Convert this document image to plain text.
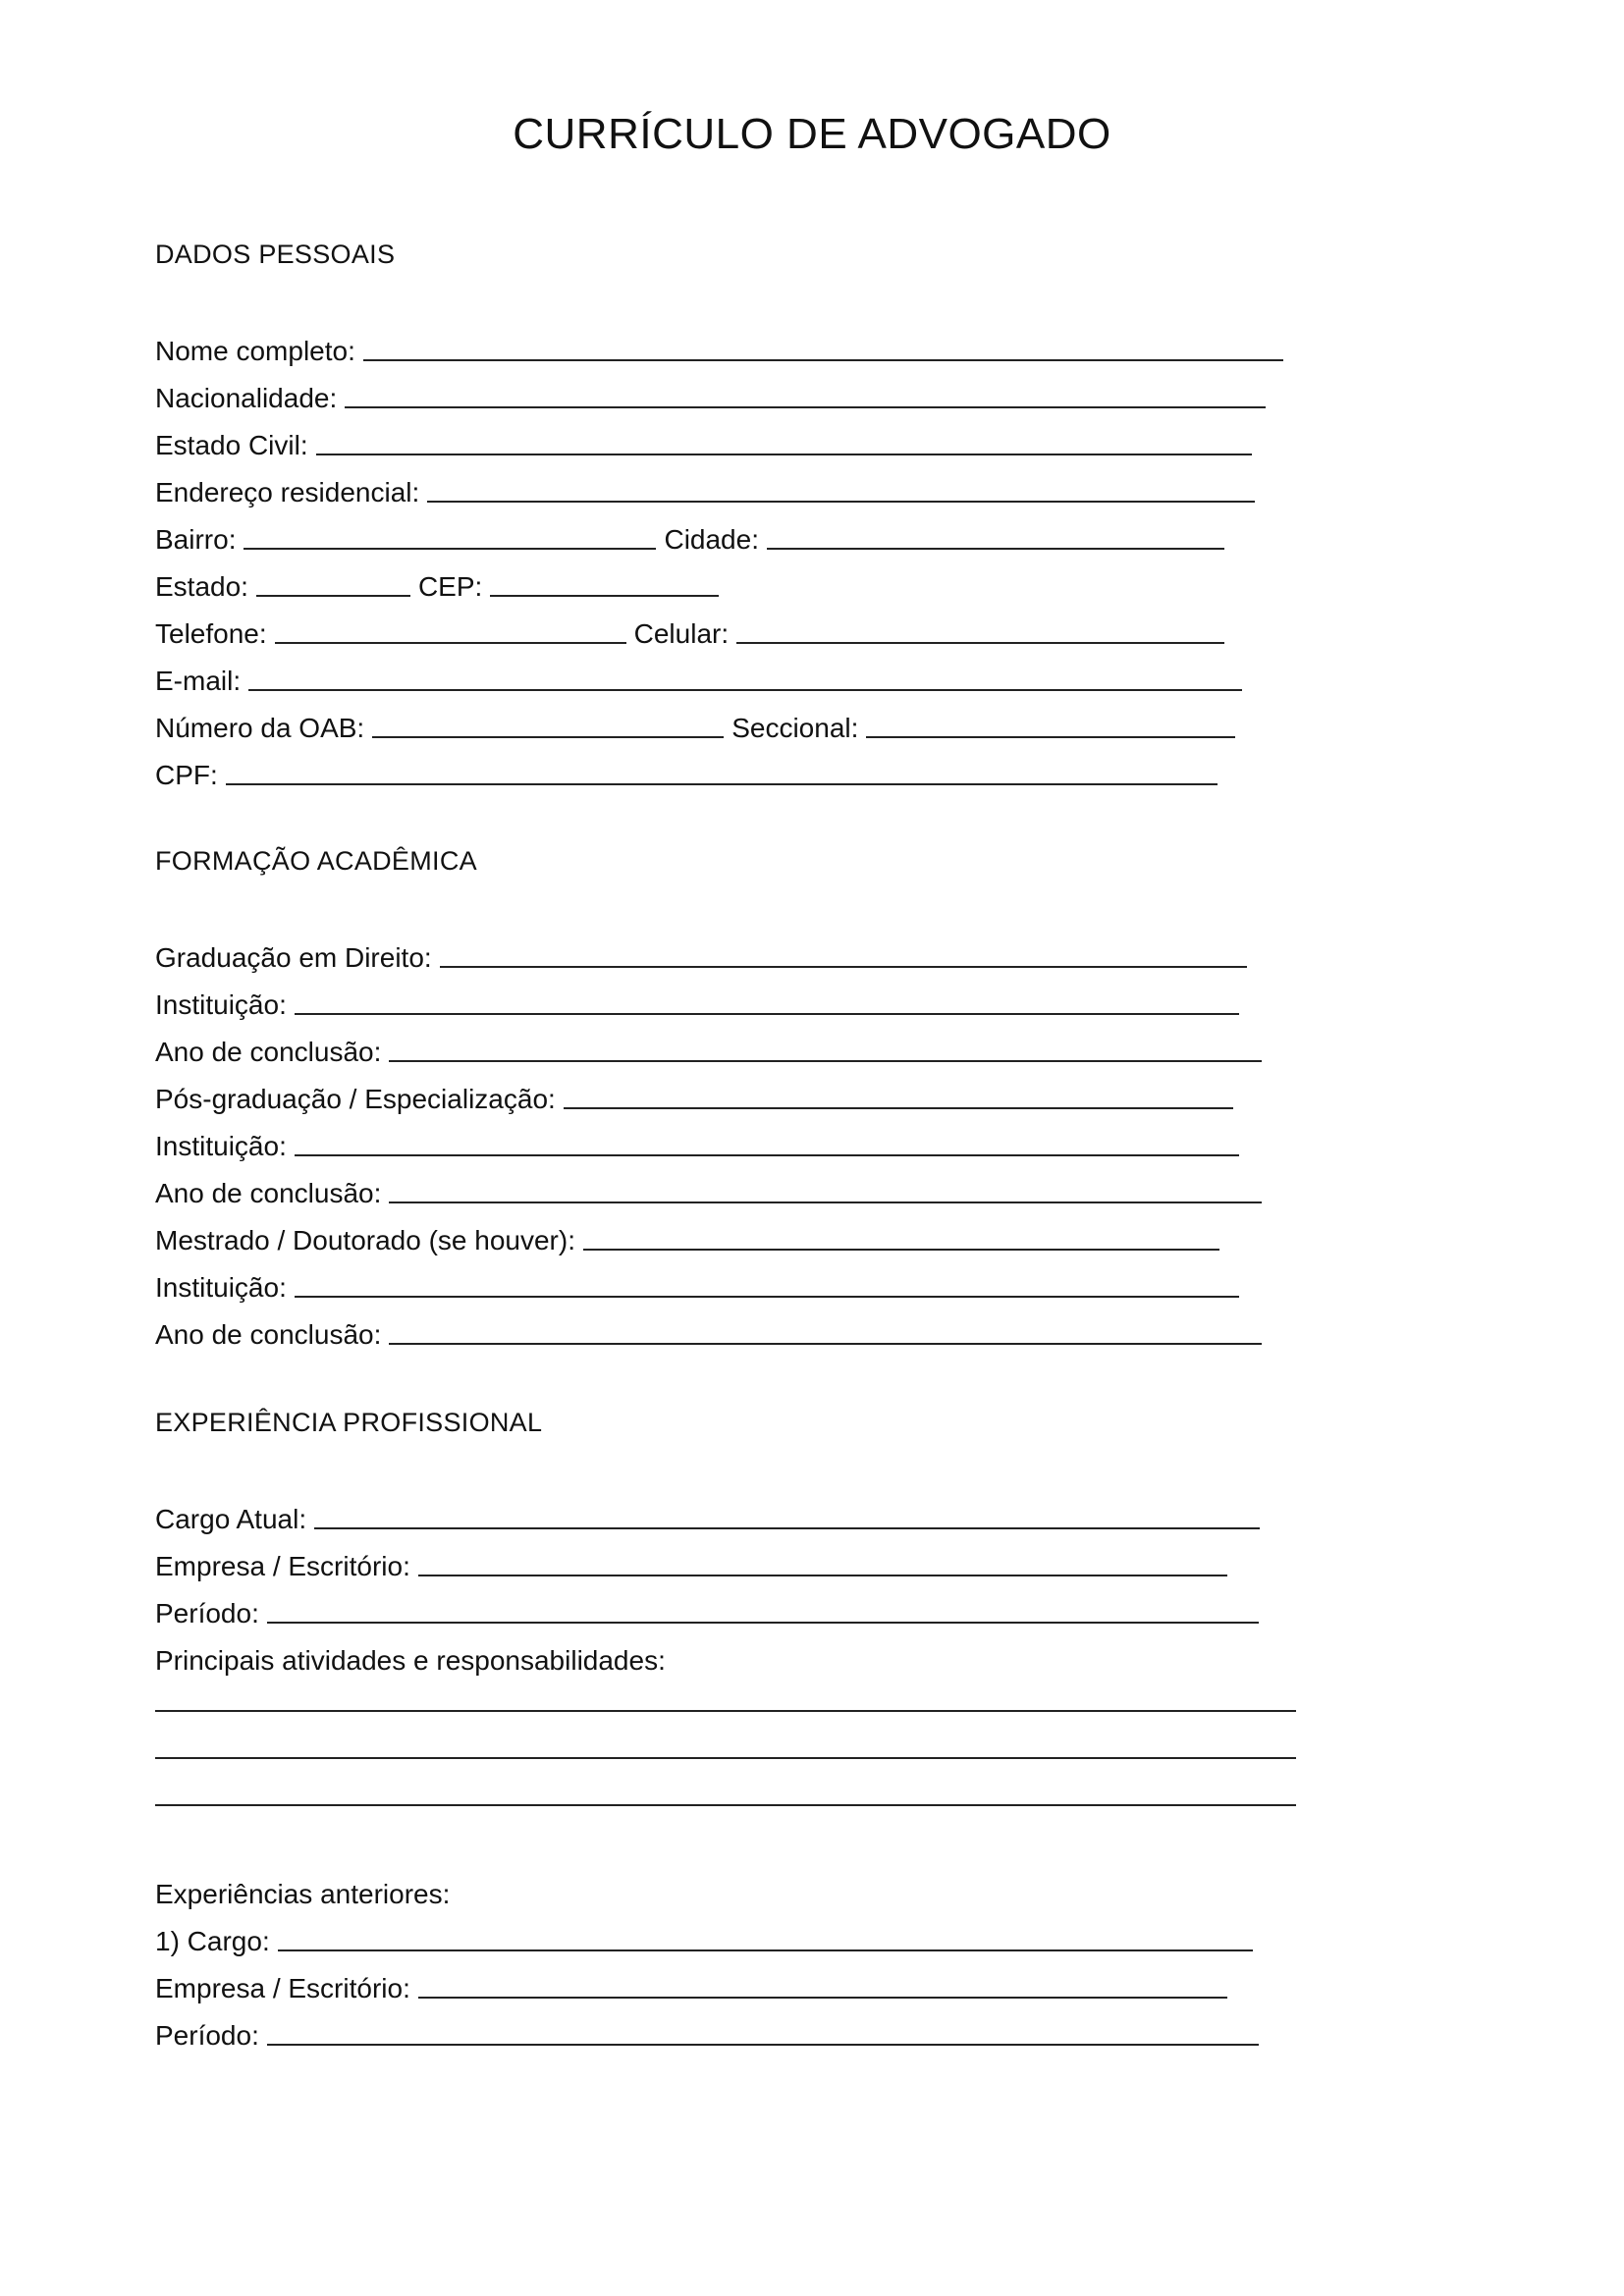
CURRÍCULO DE ADVOGADO
DADOS PESSOAIS
Nome completo:
Nacionalidade:
Estado Civil:
Endereço residencial:
Bairro:	Cidade:
Estado:	CEP:
Telefone:	Celular:
E-mail:
Número da OAB:	Seccional:
CPF:
FORMAÇÃO ACADÊMICA
Graduação em Direito:
Instituição:
Ano de conclusão:
Pós-graduação / Especialização:
Instituição:
Ano de conclusão:
Mestrado / Doutorado (se houver):
Instituição:
Ano de conclusão:
EXPERIÊNCIA PROFISSIONAL
Cargo Atual:
Empresa / Escritório:
Período:
Principais atividades e responsabilidades:
Experiências anteriores:
1) Cargo:
Empresa / Escritório:
Período:
